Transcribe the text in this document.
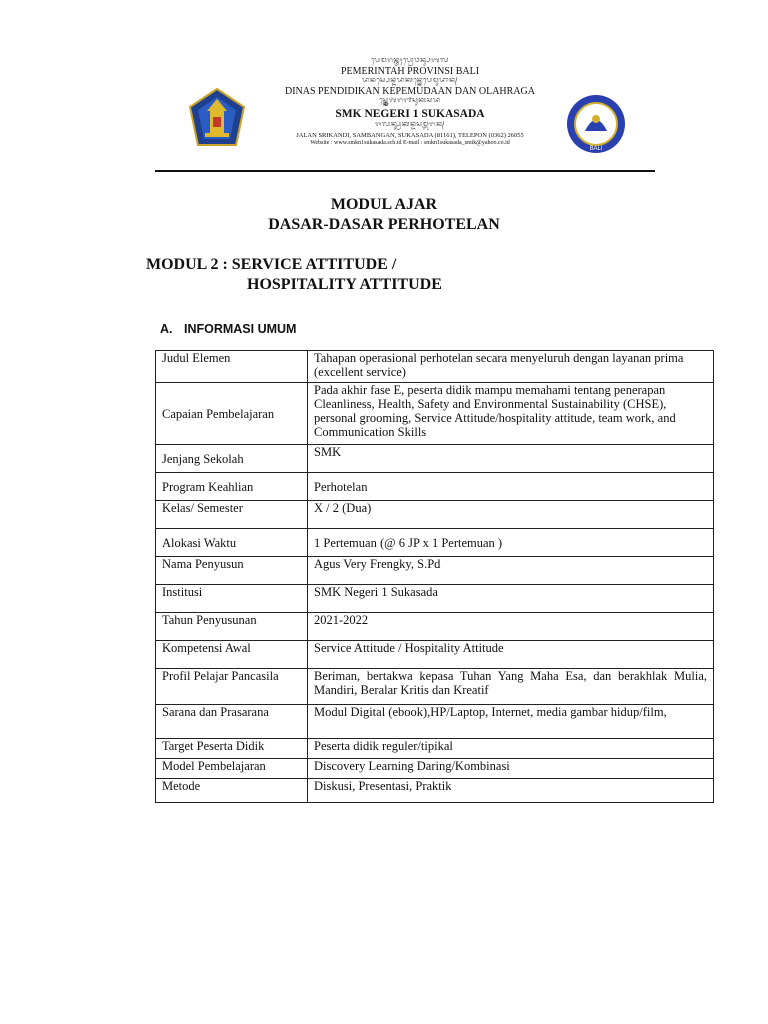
ᬧᬾᬫᬭᬶᬦ᭄ᬢᬄᬧ᭄ᬭᭀᬯᬶᬦ᭄ᬲᬶᬩᬮᬶ
PEMERINTAH PROVINSI BALI
ᬤᬶᬦᬲ᭄ᬧᬾᬦ᭄ᬤᬶᬤᬶᬓᬦ᭄ᬓᬾᬧᬾᬫᬸᬤᬵᬦ᭄
DINAS PENDIDIKAN KEPEMUDAAN DAN OLAHRAGA
ᬲ᭄ᬫ᭄ᬓ᭄ᬦᬾᬕᭂᬭᬶ᭑ᬲᬸᬓᬲᬤ
SMK NEGERI 1 SUKASADA
ᬚᬮᬦ᭄ᬲ᭄ᬭᬶᬓᬦ᭄ᬤᬶᬲᬫ᭄ᬩᬗᬦ᭄
JALAN SRIKANDI, SAMBANGAN, SUKASADA (81161), TELEPON (0362) 26055
Website : www.smkn1sukasada.sch.id E-mail : smkn1sukasada_smik@yahoo.co.id
BALI
MODUL AJAR
DASAR-DASAR PERHOTELAN
MODUL 2 : SERVICE ATTITUDE /
HOSPITALITY ATTITUDE
A. INFORMASI UMUM
Judul Elemen	Tahapan operasional perhotelan secara menyeluruh dengan layanan prima (excellent service)
Capaian Pembelajaran	Pada akhir fase E, peserta didik mampu memahami tentang penerapan Cleanliness, Health, Safety and Environmental Sustainability (CHSE), personal grooming, Service Attitude/hospitality attitude, team work, and Communication Skills
Jenjang Sekolah	SMK
Program Keahlian	Perhotelan
Kelas/ Semester	X / 2 (Dua)
Alokasi Waktu	1 Pertemuan (@ 6 JP x 1 Pertemuan )
Nama Penyusun	Agus Very Frengky, S.Pd
Institusi	SMK Negeri 1 Sukasada
Tahun Penyusunan	2021-2022
Kompetensi Awal	Service Attitude / Hospitality Attitude
Profil Pelajar Pancasila	Beriman, bertakwa kepasa Tuhan Yang Maha Esa, dan berakhlak Mulia, Mandiri, Beralar Kritis dan Kreatif
Sarana dan Prasarana	Modul Digital (ebook),HP/Laptop, Internet, media gambar hidup/film,
Target Peserta Didik	Peserta didik reguler/tipikal
Model Pembelajaran	Discovery Learning Daring/Kombinasi
Metode	Diskusi, Presentasi, Praktik
